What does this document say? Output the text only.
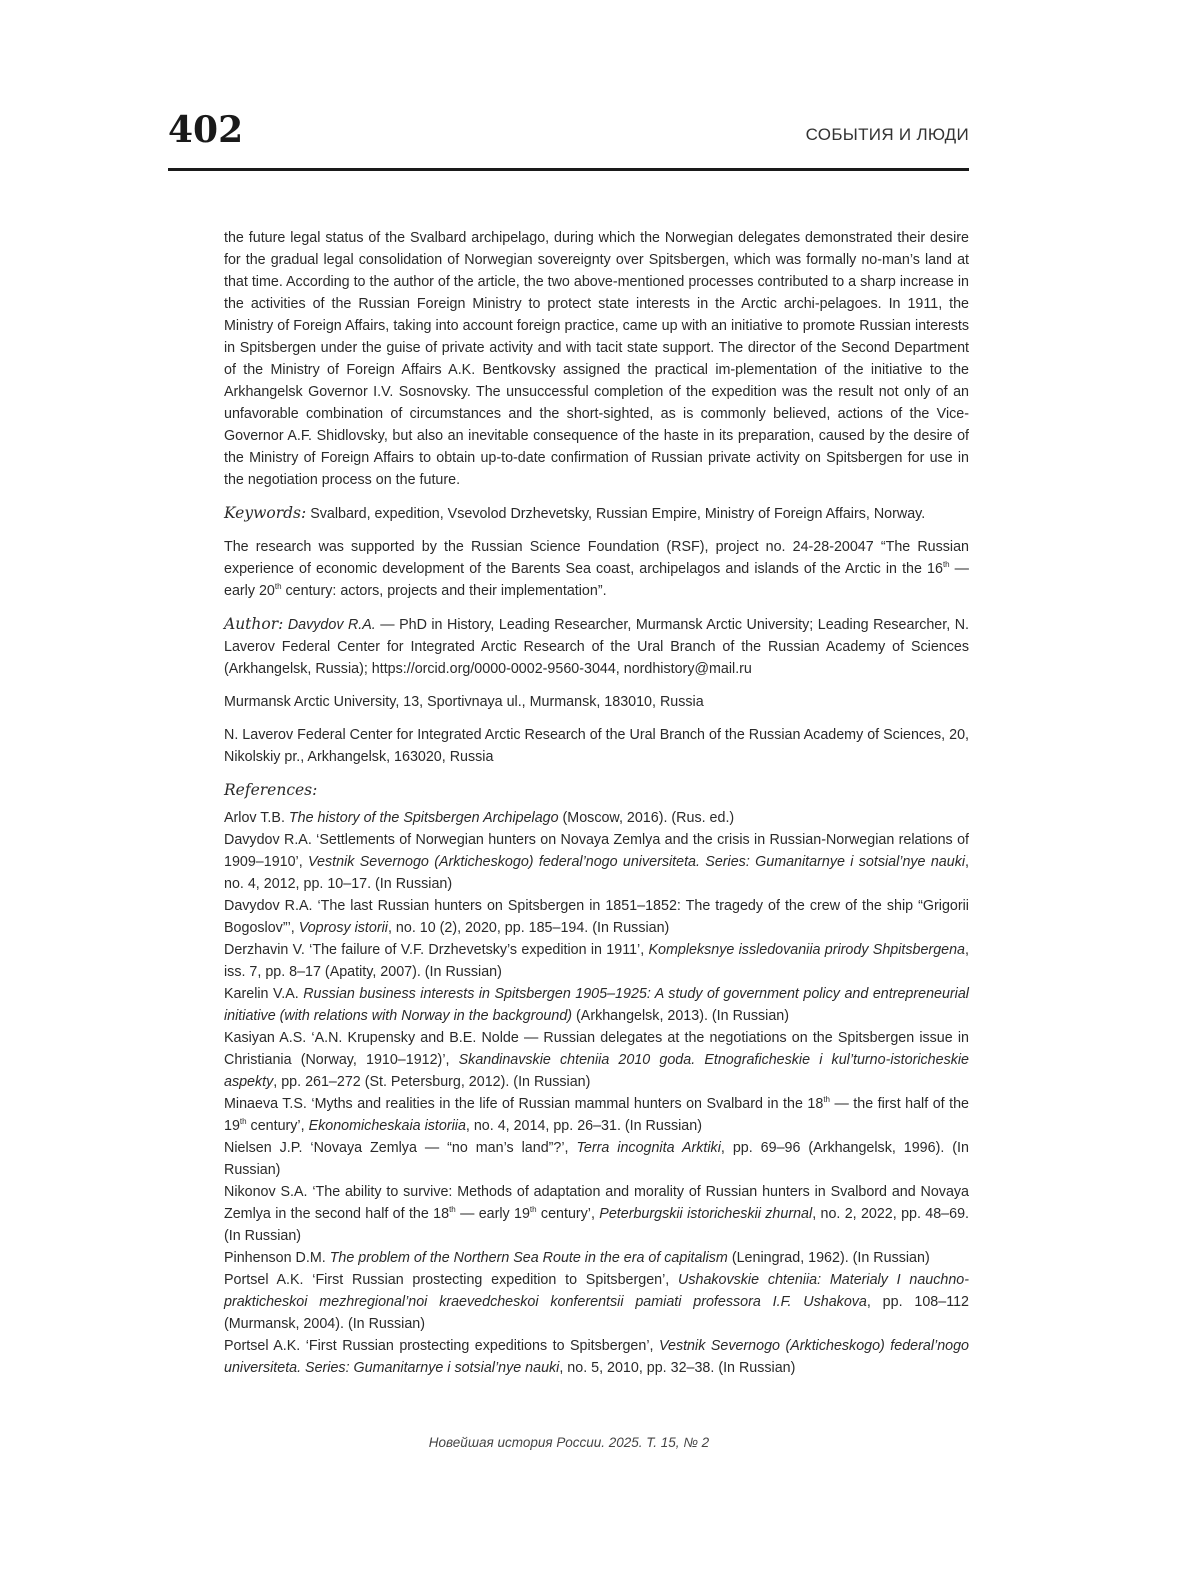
402	СОБЫТИЯ И ЛЮДИ

the future legal status of the Svalbard archipelago, during which the Norwegian delegates demonstrated their desire for the gradual legal consolidation of Norwegian sovereignty over Spitsbergen, which was formally no-man’s land at that time. According to the author of the article, the two above-mentioned processes contributed to a sharp increase in the activities of the Russian Foreign Ministry to protect state interests in the Arctic archi-pelagoes. In 1911, the Ministry of Foreign Affairs, taking into account foreign practice, came up with an initiative to promote Russian interests in Spitsbergen under the guise of private activity and with tacit state support. The director of the Second Department of the Ministry of Foreign Affairs A.K. Bentkovsky assigned the practical im-plementation of the initiative to the Arkhangelsk Governor I.V. Sosnovsky. The unsuccessful completion of the expedition was the result not only of an unfavorable combination of circumstances and the short-sighted, as is commonly believed, actions of the Vice-Governor A.F. Shidlovsky, but also an inevitable consequence of the haste in its preparation, caused by the desire of the Ministry of Foreign Affairs to obtain up-to-date confirmation of Russian private activity on Spitsbergen for use in the negotiation process on the future.

Keywords: Svalbard, expedition, Vsevolod Drzhevetsky, Russian Empire, Ministry of Foreign Affairs, Norway.

The research was supported by the Russian Science Foundation (RSF), project no. 24-28-20047 “The Russian experience of economic development of the Barents Sea coast, archipelagos and islands of the Arctic in the 16th — early 20th century: actors, projects and their implementation”.

Author: Davydov R.A. — PhD in History, Leading Researcher, Murmansk Arctic University; Leading Researcher, N. Laverov Federal Center for Integrated Arctic Research of the Ural Branch of the Russian Academy of Sciences (Arkhangelsk, Russia); https://orcid.org/0000-0002-9560-3044, nordhistory@mail.ru

Murmansk Arctic University, 13, Sportivnaya ul., Murmansk, 183010, Russia

N. Laverov Federal Center for Integrated Arctic Research of the Ural Branch of the Russian Academy of Sciences, 20, Nikolskiy pr., Arkhangelsk, 163020, Russia

References:

Arlov T.B. The history of the Spitsbergen Archipelago (Moscow, 2016). (Rus. ed.)

Davydov R.A. ‘Settlements of Norwegian hunters on Novaya Zemlya and the crisis in Russian-Norwegian relations of 1909–1910’, Vestnik Severnogo (Arkticheskogo) federal’nogo universiteta. Series: Gumanitarnye i sotsial’nye nauki, no. 4, 2012, pp. 10–17. (In Russian)

Davydov R.A. ‘The last Russian hunters on Spitsbergen in 1851–1852: The tragedy of the crew of the ship “Grigorii Bogoslov”’, Voprosy istorii, no. 10 (2), 2020, pp. 185–194. (In Russian)

Derzhavin V. ‘The failure of V.F. Drzhevetsky’s expedition in 1911’, Kompleksnye issledovaniia prirody Shpitsbergena, iss. 7, pp. 8–17 (Apatity, 2007). (In Russian)

Karelin V.A. Russian business interests in Spitsbergen 1905–1925: A study of government policy and entrepreneurial initiative (with relations with Norway in the background) (Arkhangelsk, 2013). (In Russian)

Kasiyan A.S. ‘A.N. Krupensky and B.E. Nolde — Russian delegates at the negotiations on the Spitsbergen issue in Christiania (Norway, 1910–1912)’, Skandinavskie chteniia 2010 goda. Etnograficheskie i kul’turno-istoricheskie aspekty, pp. 261–272 (St. Petersburg, 2012). (In Russian)

Minaeva T.S. ‘Myths and realities in the life of Russian mammal hunters on Svalbard in the 18th — the first half of the 19th century’, Ekonomicheskaia istoriia, no. 4, 2014, pp. 26–31. (In Russian)

Nielsen J.P. ‘Novaya Zemlya — “no man’s land”?’, Terra incognita Arktiki, pp. 69–96 (Arkhangelsk, 1996). (In Russian)

Nikonov S.A. ‘The ability to survive: Methods of adaptation and morality of Russian hunters in Svalbord and Novaya Zemlya in the second half of the 18th — early 19th century’, Peterburgskii istoricheskii zhurnal, no. 2, 2022, pp. 48–69. (In Russian)

Pinhenson D.M. The problem of the Northern Sea Route in the era of capitalism (Leningrad, 1962). (In Russian)

Portsel A.K. ‘First Russian prostecting expedition to Spitsbergen’, Ushakovskie chteniia: Materialy I nauchno-prakticheskoi mezhregional’noi kraevedcheskoi konferentsii pamiati professora I.F. Ushakova, pp. 108–112 (Murmansk, 2004). (In Russian)

Portsel A.K. ‘First Russian prostecting expeditions to Spitsbergen’, Vestnik Severnogo (Arkticheskogo) federal’nogo universiteta. Series: Gumanitarnye i sotsial’nye nauki, no. 5, 2010, pp. 32–38. (In Russian)

Новейшая история России. 2025. Т. 15, № 2
